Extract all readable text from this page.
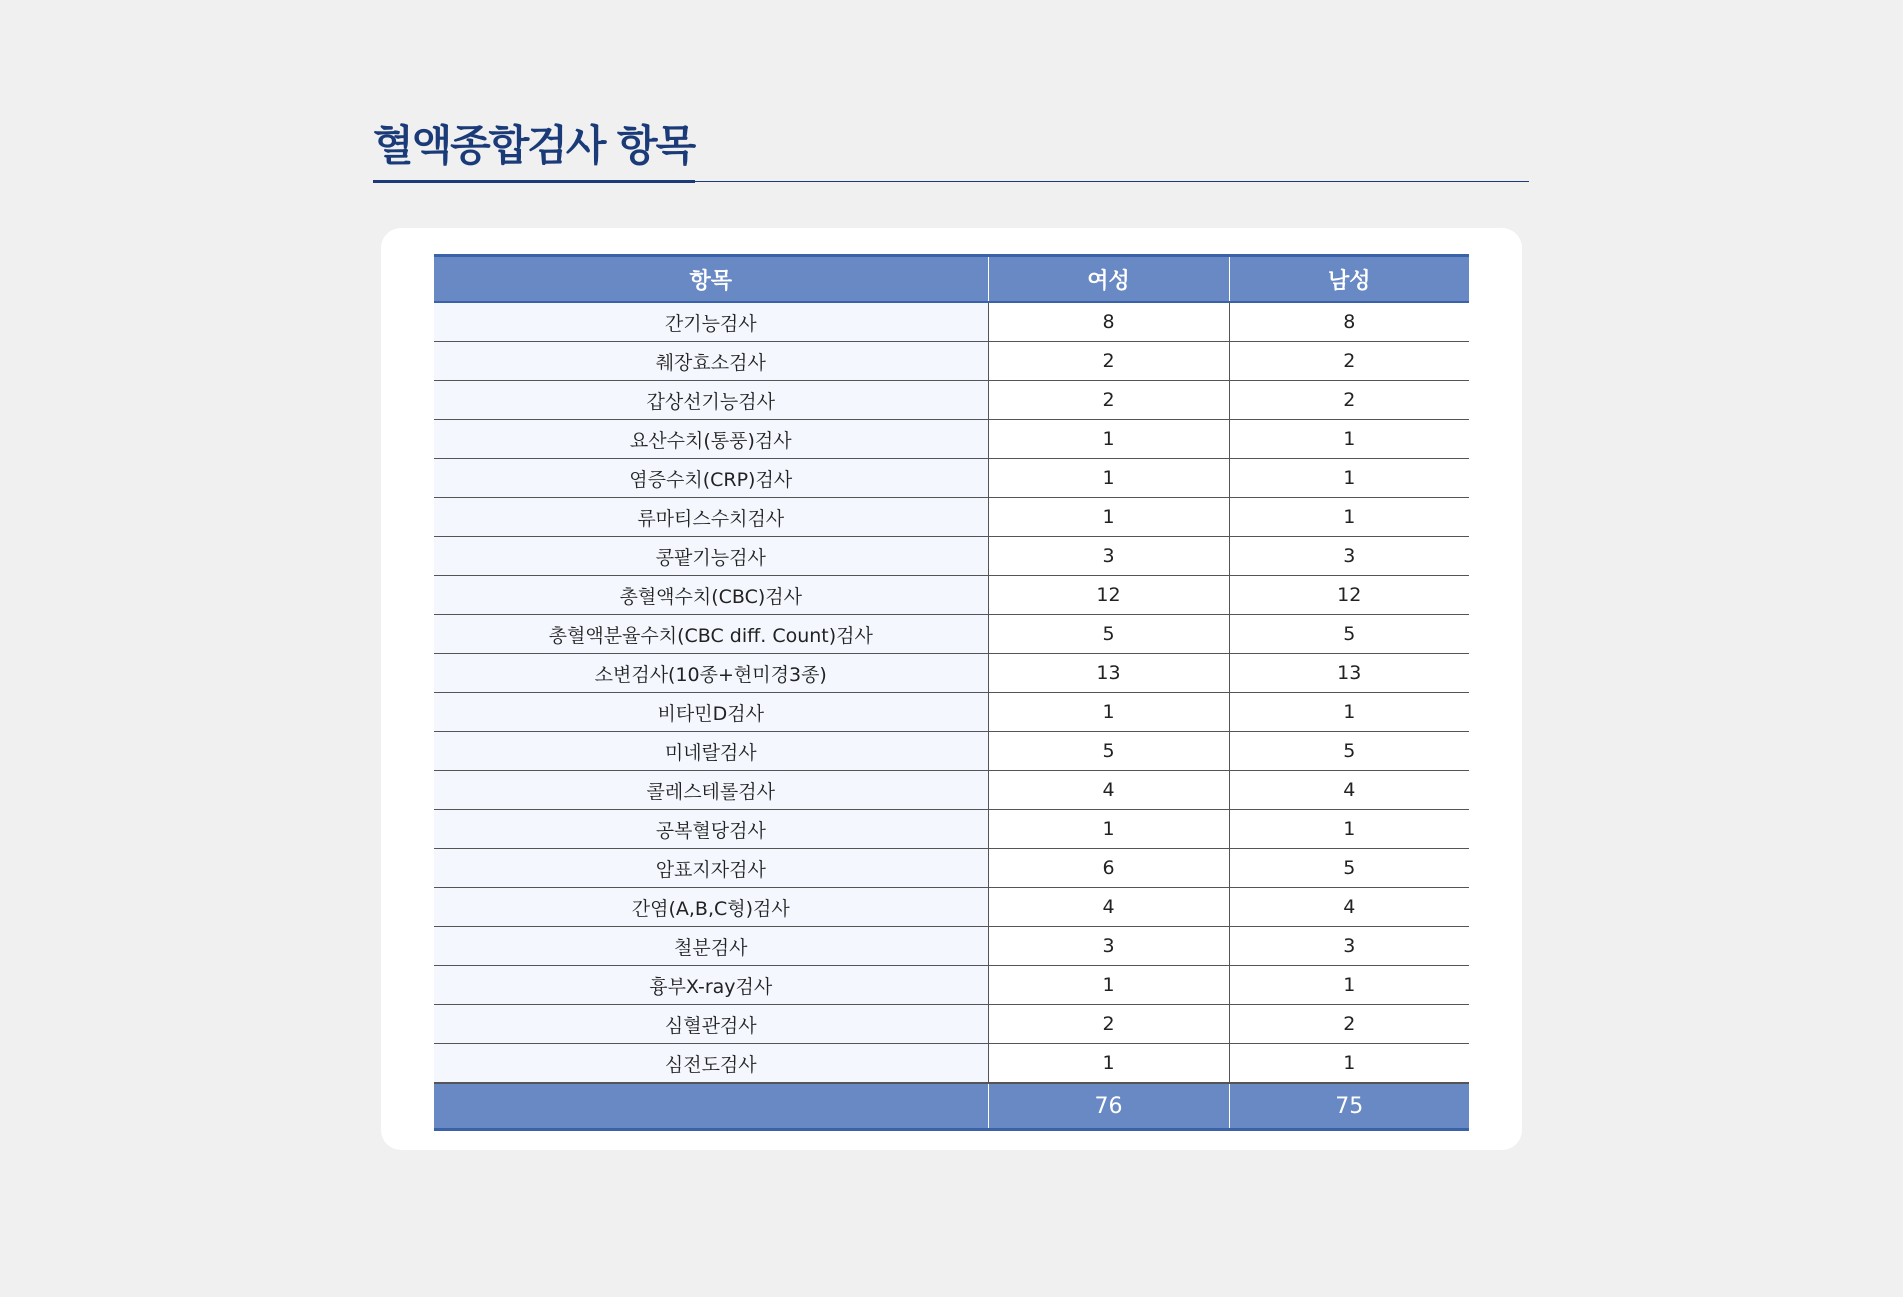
혈액종합검사 항목
항목	여성	남성
간기능검사	8	8
췌장효소검사	2	2
갑상선기능검사	2	2
요산수치(통풍)검사	1	1
염증수치(CRP)검사	1	1
류마티스수치검사	1	1
콩팥기능검사	3	3
총혈액수치(CBC)검사	12	12
총혈액분율수치(CBC diff. Count)검사	5	5
소변검사(10종+현미경3종)	13	13
비타민D검사	1	1
미네랄검사	5	5
콜레스테롤검사	4	4
공복혈당검사	1	1
암표지자검사	6	5
간염(A,B,C형)검사	4	4
철분검사	3	3
흉부X-ray검사	1	1
심혈관검사	2	2
심전도검사	1	1
	76	75
